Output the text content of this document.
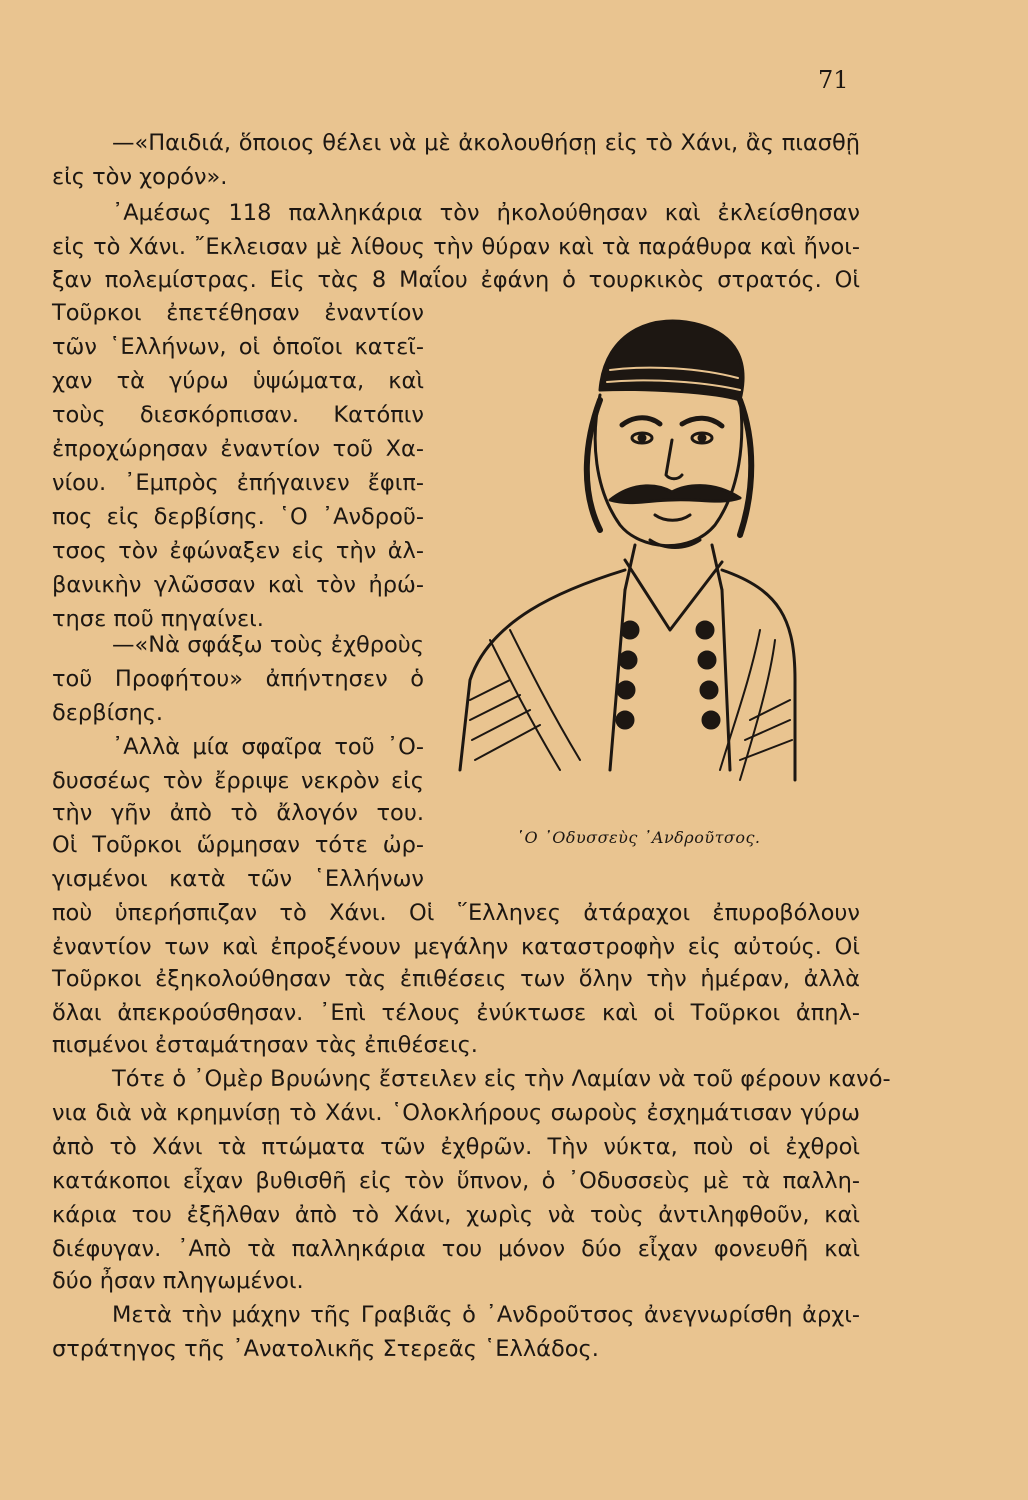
71
—«Παιδιά, ὅποιος θέλει νὰ μὲ ἀκολουθήσῃ εἰς τὸ Χάνι, ἂς πιασθῇ
εἰς τὸν χορόν».
᾽Αμέσως 118 παλληκάρια τὸν ἠκολούθησαν καὶ ἐκλείσθησαν
εἰς τὸ Χάνι. ῎Εκλεισαν μὲ λίθους τὴν θύραν καὶ τὰ παράθυρα καὶ ἤνοι-
ξαν πολεμίστρας. Εἰς τὰς 8 Μαΐου ἐφάνη ὁ τουρκικὸς στρατός. Οἱ
Τοῦρκοι ἐπετέθησαν ἐναντίον
τῶν ῾Ελλήνων, οἱ ὁποῖοι κατεῖ-
χαν τὰ γύρω ὑψώματα, καὶ
τοὺς διεσκόρπισαν. Κατόπιν
ἐπροχώρησαν ἐναντίον τοῦ Χα-
νίου. ᾽Εμπρὸς ἐπήγαινεν ἔφιπ-
πος εἰς δερβίσης. ῾Ο ᾽Ανδροῦ-
τσος τὸν ἐφώναξεν εἰς τὴν ἀλ-
βανικὴν γλῶσσαν καὶ τὸν ἠρώ-
τησε ποῦ πηγαίνει.
—«Νὰ σφάξω τοὺς ἐχθροὺς
τοῦ Προφήτου» ἀπήντησεν ὁ
δερβίσης.
᾽Αλλὰ μία σφαῖρα τοῦ ᾽Ο-
δυσσέως τὸν ἔρριψε νεκρὸν εἰς
τὴν γῆν ἀπὸ τὸ ἄλογόν του.
Οἱ Τοῦρκοι ὥρμησαν τότε ὠρ-
γισμένοι κατὰ τῶν ῾Ελλήνων
ποὺ ὑπερήσπιζαν τὸ Χάνι. Οἱ ῞Ελληνες ἀτάραχοι ἐπυροβόλουν
ἐναντίον των καὶ ἐπροξένουν μεγάλην καταστροφὴν εἰς αὐτούς. Οἱ
Τοῦρκοι ἐξηκολούθησαν τὰς ἐπιθέσεις των ὅλην τὴν ἡμέραν, ἀλλὰ
ὅλαι ἀπεκρούσθησαν. ᾽Επὶ τέλους ἐνύκτωσε καὶ οἱ Τοῦρκοι ἀπηλ-
πισμένοι ἐσταμάτησαν τὰς ἐπιθέσεις.
Τότε ὁ ᾽Ομὲρ Βρυώνης ἔστειλεν εἰς τὴν Λαμίαν νὰ τοῦ φέρουν κανό-
νια διὰ νὰ κρημνίσῃ τὸ Χάνι. ῾Ολοκλήρους σωροὺς ἐσχημάτισαν γύρω
ἀπὸ τὸ Χάνι τὰ πτώματα τῶν ἐχθρῶν. Τὴν νύκτα, ποὺ οἱ ἐχθροὶ
κατάκοποι εἶχαν βυθισθῆ εἰς τὸν ὕπνον, ὁ ᾽Οδυσσεὺς μὲ τὰ παλλη-
κάρια του ἐξῆλθαν ἀπὸ τὸ Χάνι, χωρὶς νὰ τοὺς ἀντιληφθοῦν, καὶ
διέφυγαν. ᾽Απὸ τὰ παλληκάρια του μόνον δύο εἶχαν φονευθῆ καὶ
δύο ἦσαν πληγωμένοι.
Μετὰ τὴν μάχην τῆς Γραβιᾶς ὁ ᾽Ανδροῦτσος ἀνεγνωρίσθη ἀρχι-
στράτηγος τῆς ᾽Ανατολικῆς Στερεᾶς ῾Ελλάδος.
῾Ο ᾽Οδυσσεὺς ᾽Ανδροῦτσος.
